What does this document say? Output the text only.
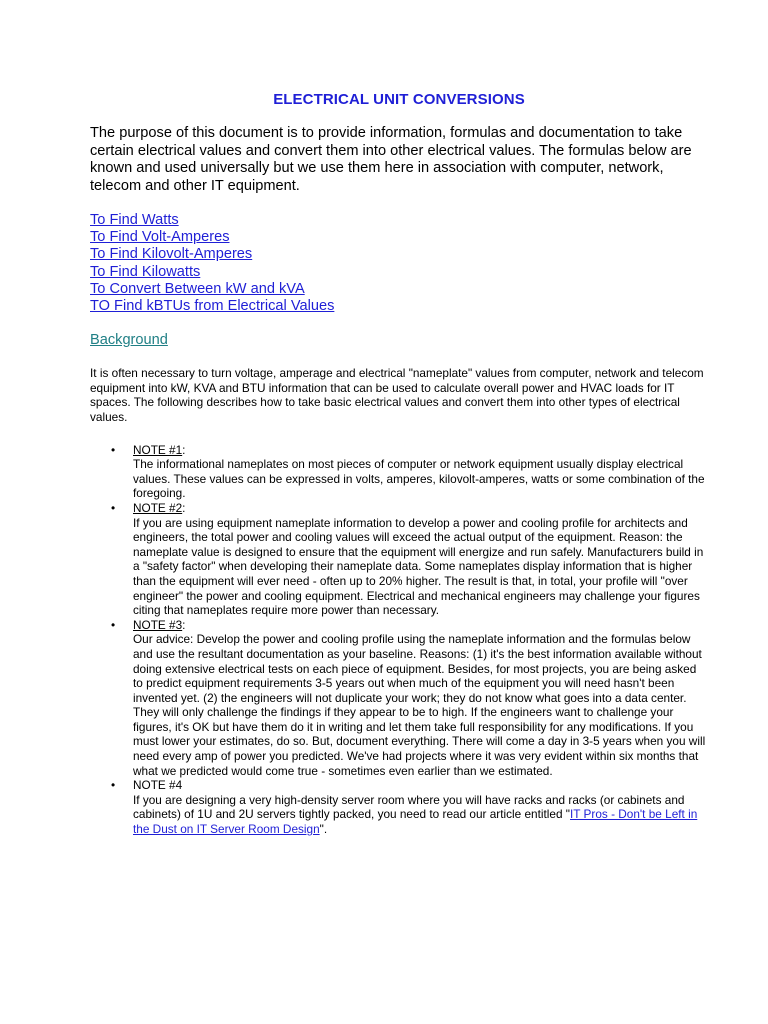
ELECTRICAL UNIT CONVERSIONS

The purpose of this document is to provide information, formulas and documentation to take certain electrical values and convert them into other electrical values. The formulas below are known and used universally but we use them here in association with computer, network, telecom and other IT equipment.

To Find Watts
To Find Volt-Amperes
To Find Kilovolt-Amperes
To Find Kilowatts
To Convert Between kW and kVA
TO Find kBTUs from Electrical Values
Background

It is often necessary to turn voltage, amperage and electrical "nameplate" values from computer, network and telecom equipment into kW, KVA and BTU information that can be used to calculate overall power and HVAC loads for IT spaces. The following describes how to take basic electrical values and convert them into other types of electrical values.

• NOTE #1:
The informational nameplates on most pieces of computer or network equipment usually display electrical values. These values can be expressed in volts, amperes, kilovolt-amperes, watts or some combination of the foregoing.
• NOTE #2:
If you are using equipment nameplate information to develop a power and cooling profile for architects and engineers, the total power and cooling values will exceed the actual output of the equipment. Reason: the nameplate value is designed to ensure that the equipment will energize and run safely. Manufacturers build in a "safety factor" when developing their nameplate data. Some nameplates display information that is higher than the equipment will ever need - often up to 20% higher. The result is that, in total, your profile will "over engineer" the power and cooling equipment. Electrical and mechanical engineers may challenge your figures citing that nameplates require more power than necessary.
• NOTE #3:
Our advice: Develop the power and cooling profile using the nameplate information and the formulas below and use the resultant documentation as your baseline. Reasons: (1) it's the best information available without doing extensive electrical tests on each piece of equipment. Besides, for most projects, you are being asked to predict equipment requirements 3-5 years out when much of the equipment you will need hasn't been invented yet. (2) the engineers will not duplicate your work; they do not know what goes into a data center. They will only challenge the findings if they appear to be to high. If the engineers want to challenge your figures, it's OK but have them do it in writing and let them take full responsibility for any modifications. If you must lower your estimates, do so. But, document everything. There will come a day in 3-5 years when you will need every amp of power you predicted. We've had projects where it was very evident within six months that what we predicted would come true - sometimes even earlier than we estimated.
• NOTE #4
If you are designing a very high-density server room where you will have racks and racks (or cabinets and cabinets) of 1U and 2U servers tightly packed, you need to read our article entitled "IT Pros - Don't be Left in the Dust on IT Server Room Design".
